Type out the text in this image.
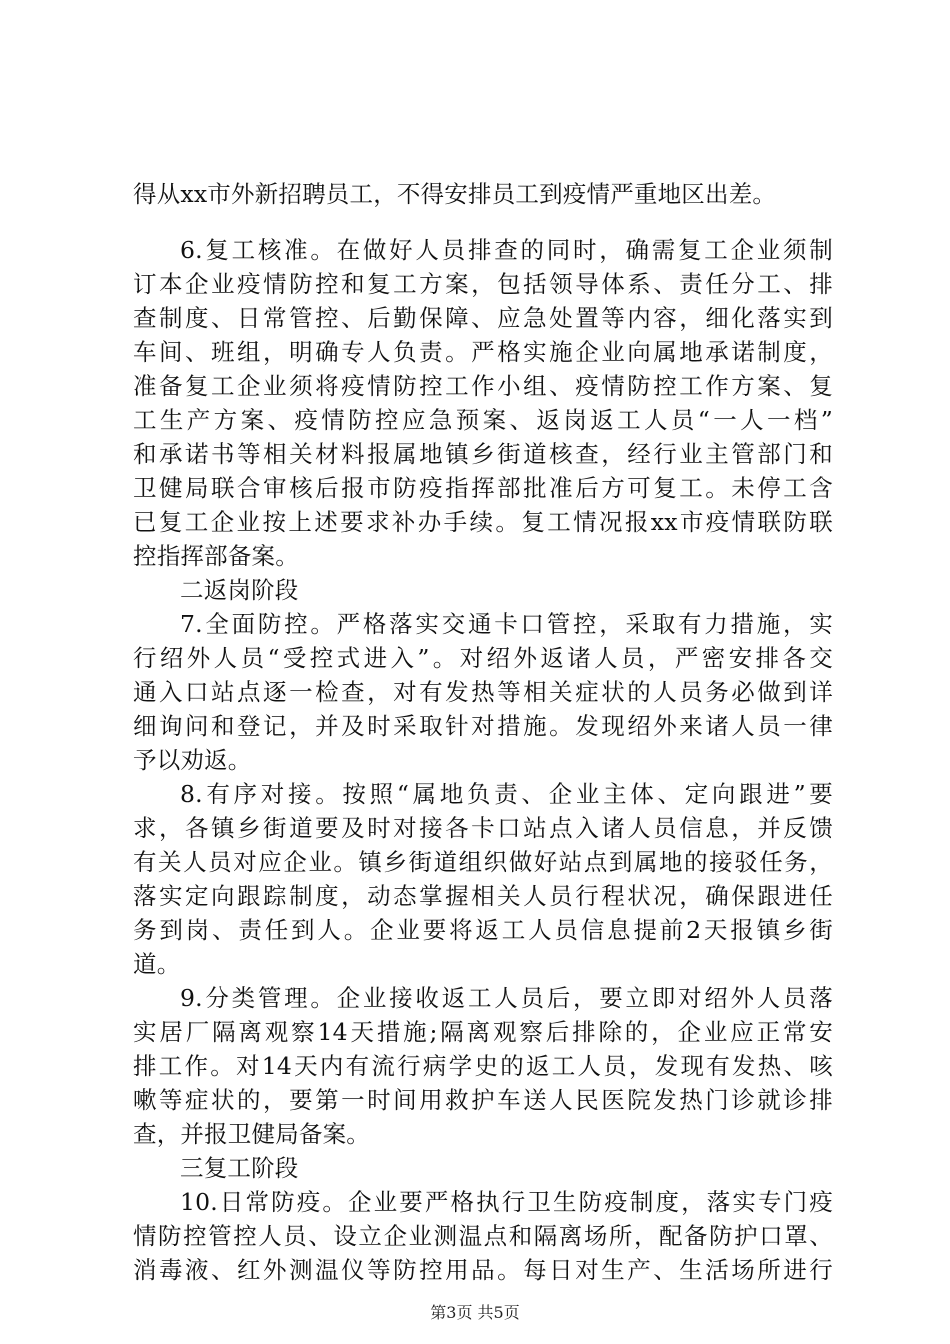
得从xx市外新招聘员工，不得安排员工到疫情严重地区出差。
6.复工核准。在做好人员排查的同时，确需复工企业须制
订本企业疫情防控和复工方案，包括领导体系、责任分工、排
查制度、日常管控、后勤保障、应急处置等内容，细化落实到
车间、班组，明确专人负责。严格实施企业向属地承诺制度，
准备复工企业须将疫情防控工作小组、疫情防控工作方案、复
工生产方案、疫情防控应急预案、返岗返工人员“一人一档”
和承诺书等相关材料报属地镇乡街道核查，经行业主管部门和
卫健局联合审核后报市防疫指挥部批准后方可复工。未停工含
已复工企业按上述要求补办手续。复工情况报xx市疫情联防联
控指挥部备案。
二返岗阶段
7.全面防控。严格落实交通卡口管控，采取有力措施，实
行绍外人员“受控式进入”。对绍外返诸人员，严密安排各交
通入口站点逐一检查，对有发热等相关症状的人员务必做到详
细询问和登记，并及时采取针对措施。发现绍外来诸人员一律
予以劝返。
8.有序对接。按照“属地负责、企业主体、定向跟进”要
求，各镇乡街道要及时对接各卡口站点入诸人员信息，并反馈
有关人员对应企业。镇乡街道组织做好站点到属地的接驳任务，
落实定向跟踪制度，动态掌握相关人员行程状况，确保跟进任
务到岗、责任到人。企业要将返工人员信息提前2天报镇乡街
道。
9.分类管理。企业接收返工人员后，要立即对绍外人员落
实居厂隔离观察14天措施;隔离观察后排除的，企业应正常安
排工作。对14天内有流行病学史的返工人员，发现有发热、咳
嗽等症状的，要第一时间用救护车送人民医院发热门诊就诊排
查，并报卫健局备案。
三复工阶段
10.日常防疫。企业要严格执行卫生防疫制度，落实专门疫
情防控管控人员、设立企业测温点和隔离场所，配备防护口罩、
消毒液、红外测温仪等防控用品。每日对生产、生活场所进行
第3页 共5页
